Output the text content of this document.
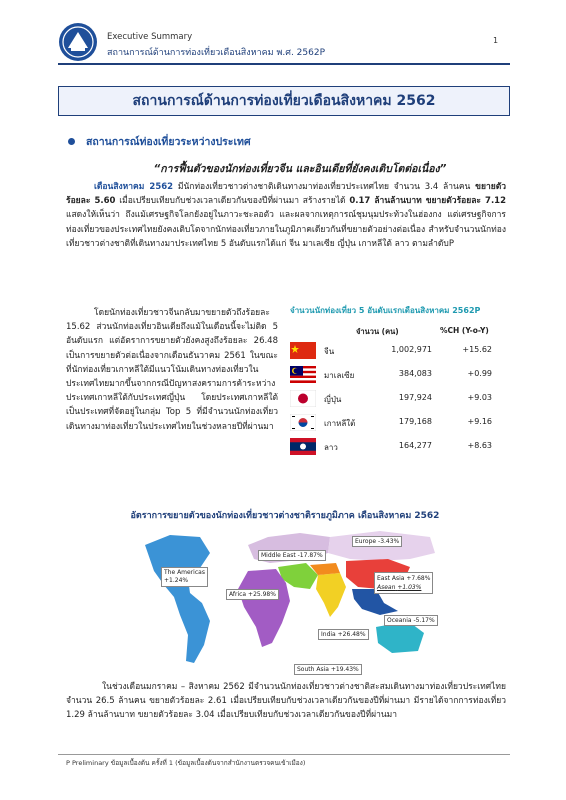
Executive Summary
สถานการณ์ด้านการท่องเที่ยวเดือนสิงหาคม พ.ศ. 2562P
1
สถานการณ์ด้านการท่องเที่ยวเดือนสิงหาคม 2562
สถานการณ์ท่องเที่ยวระหว่างประเทศ
“การฟื้นตัวของนักท่องเที่ยวจีน และอินเดียที่ยังคงเติบโตต่อเนื่อง”
เดือนสิงหาคม 2562 มีนักท่องเที่ยวชาวต่างชาติเดินทางมาท่องเที่ยวประเทศไทย จำนวน 3.4 ล้านคน ขยายตัวร้อยละ 5.60 เมื่อเปรียบเทียบกับช่วงเวลาเดียวกันของปีที่ผ่านมา สร้างรายได้ 0.17 ล้านล้านบาท ขยายตัวร้อยละ 7.12 แสดงให้เห็นว่า ถึงแม้เศรษฐกิจโลกยังอยู่ในภาวะชะลอตัว และผลจากเหตุการณ์ชุมนุมประท้วงในฮ่องกง แต่เศรษฐกิจการท่องเที่ยวของประเทศไทยยังคงเติบโตจากนักท่องเที่ยวภายในภูมิภาคเดียวกันที่ขยายตัวอย่างต่อเนื่อง สำหรับจำนวนนักท่องเที่ยวชาวต่างชาติที่เดินทางมาประเทศไทย 5 อันดับแรกได้แก่ จีน มาเลเซีย ญี่ปุ่น เกาหลีใต้ ลาว ตามลำดับP
โดยนักท่องเที่ยวชาวจีนกลับมาขยายตัวถึงร้อยละ 15.62 ส่วนนักท่องเที่ยวอินเดียถึงแม้ในเดือนนี้จะไม่ติด 5 อันดับแรก แต่อัตราการขยายตัวยังคงสูงถึงร้อยละ 26.48 เป็นการขยายตัวต่อเนื่องจากเดือนธันวาคม 2561 ในขณะที่นักท่องเที่ยวเกาหลีใต้มีแนวโน้มเดินทางท่องเที่ยวในประเทศไทยมากขึ้นจากกรณีปัญหาสงครามการค้าระหว่างประเทศเกาหลีใต้กับประเทศญี่ปุ่น โดยประเทศเกาหลีใต้เป็นประเทศที่จัดอยู่ในกลุ่ม Top 5 ที่มีจำนวนนักท่องเที่ยวเดินทางมาท่องเที่ยวในประเทศไทยในช่วงหลายปีที่ผ่านมา
จำนวนนักท่องเที่ยว 5 อันดับแรกเดือนสิงหาคม 2562P
จำนวน (คน)	%CH (Y-o-Y)
จีน	1,002,971	+15.62
มาเลเซีย	384,083	+0.99
ญี่ปุ่น	197,924	+9.03
เกาหลีใต้	179,168	+9.16
ลาว	164,277	+8.63
อัตราการขยายตัวของนักท่องเที่ยวชาวต่างชาติรายภูมิภาค เดือนสิงหาคม 2562
The Americas
+1.24%
Europe -3.43%
Middle East -17.87%
Africa +25.98%
East Asia +7.68%
Asean +1.03%
Oceania -5.17%
India +26.48%
South Asia +19.43%
ในช่วงเดือนมกราคม – สิงหาคม 2562 มีจำนวนนักท่องเที่ยวชาวต่างชาติสะสมเดินทางมาท่องเที่ยวประเทศไทยจำนวน 26.5 ล้านคน ขยายตัวร้อยละ 2.61 เมื่อเปรียบเทียบกับช่วงเวลาเดียวกันของปีที่ผ่านมา มีรายได้จากการท่องเที่ยว 1.29 ล้านล้านบาท ขยายตัวร้อยละ 3.04 เมื่อเปรียบเทียบกับช่วงเวลาเดียวกันของปีที่ผ่านมา
P Preliminary ข้อมูลเบื้องต้น ครั้งที่ 1 (ข้อมูลเบื้องต้นจากสำนักงานตรวจคนเข้าเมือง)
